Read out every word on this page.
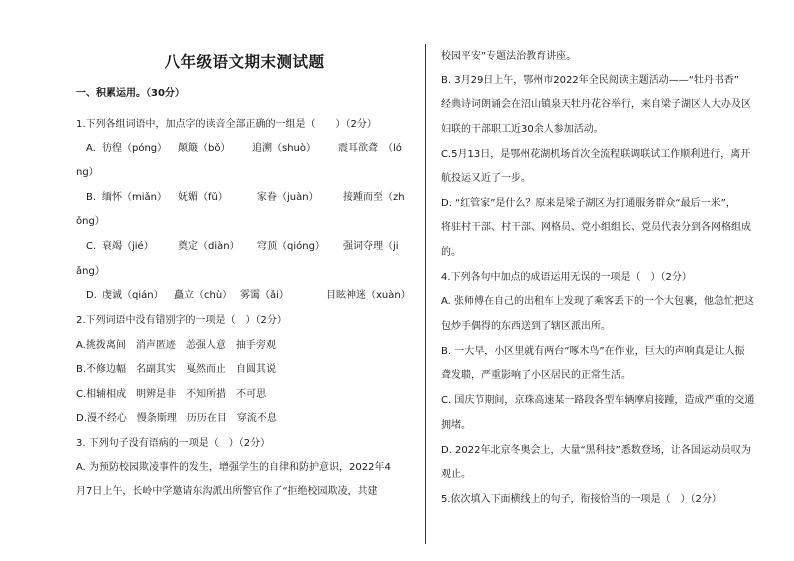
八年级语文期末测试题
一、积累运用。（30分）
1.下列各组词语中，加点字的读音全部正确的一组是（　　）（2分）
A. 彷徨（póng） 颠簸（bǒ） 追溯（shuò） 震耳欲聋　（ló
ng）
B. 缅怀（miǎn） 妩媚（fǔ）	家眷（juàn） 接踵而至（zh
ǒng）
C. 衰竭（jié） 奠定（diàn） 穹顶（qióng） 强词夺理（ji
ǎng）
D. 虔诚（qián） 矗立（chù） 雾霭（ǎi）	目眩神迷（xuàn）
2.下列词语中没有错别字的一项是（　）（2分）
A.挑拨离间　消声匿迹　恙强人意　抽手旁观
B.不修边幅　名副其实　戛然而止　自圆其说
C.相辅相成　明辨是非　不知所措　不可思
D.漫不经心　慢条斯理　历历在目　穿流不息
3. 下列句子没有语病的一项是（　）（2分）
A. 为预防校园欺凌事件的发生，增强学生的自律和防护意识，2022年4
月7日上午，长岭中学邀请东沟派出所警官作了“拒绝校园欺凌，共建
校园平安”专题法治教育讲座。
B. 3月29日上午，鄂州市2022年全民阅读主题活动——“牡丹书香”
经典诗词朗诵会在沼山镇泉天牡丹花谷举行，来自梁子湖区人大办及区
妇联的干部职工近30余人参加活动。
C.5月13日，是鄂州花湖机场首次全流程联调联试工作顺利进行，离开
航投运又近了一步。
D. “红管家”是什么？原来是梁子湖区为打通服务群众“最后一米”，
将驻村干部、村干部、网格员、党小组组长、党员代表分到各网格组成
的。
4.下列各句中加点的成语运用无误的一项是（　）（2分）
A. 张师傅在自己的出租车上发现了乘客丢下的一个大包裹，他急忙把这
包炒手偶得的东西送到了辖区派出所。
B. 一大早，小区里就有两台“啄木鸟”在作业，巨大的声响真是让人振
聋发聩，严重影响了小区居民的正常生活。
C. 国庆节期间，京珠高速某一路段各型车辆摩肩接踵，造成严重的交通
拥堵。
D. 2022年北京冬奥会上，大量“黑科技”悉数登场，让各国运动员叹为
观止。
5.依次填入下面横线上的句子，衔接恰当的一项是（　）（2分）
